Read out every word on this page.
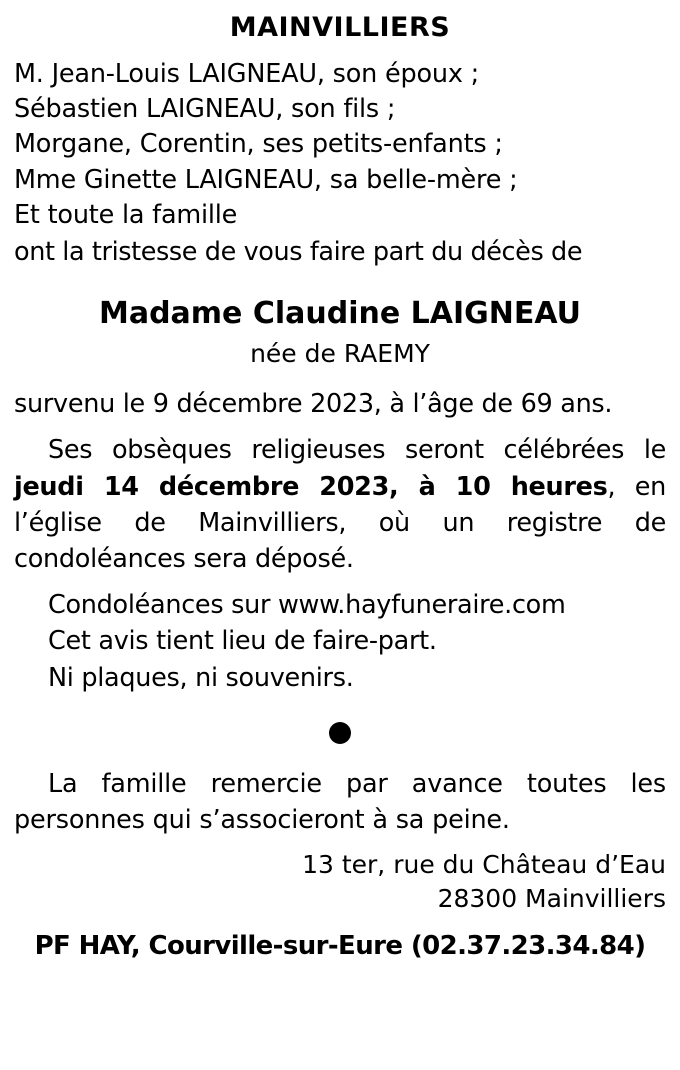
MAINVILLIERS
M. Jean-Louis LAIGNEAU, son époux ;
Sébastien LAIGNEAU, son fils ;
Morgane, Corentin, ses petits-enfants ;
Mme Ginette LAIGNEAU, sa belle-mère ;
Et toute la famille
ont la tristesse de vous faire part du décès de
Madame Claudine LAIGNEAU
née de RAEMY

survenu le 9 décembre 2023, à l’âge de 69 ans.

Ses obsèques religieuses seront célébrées le jeudi 14 décembre 2023, à 10 heures, en l’église de Mainvilliers, où un registre de condoléances sera déposé.

Condoléances sur www.hayfuneraire.com
Cet avis tient lieu de faire-part.
Ni plaques, ni souvenirs.

La famille remercie par avance toutes les personnes qui s’associeront à sa peine.

13 ter, rue du Château d’Eau
28300 Mainvilliers
PF HAY, Courville-sur-Eure (02.37.23.34.84)
